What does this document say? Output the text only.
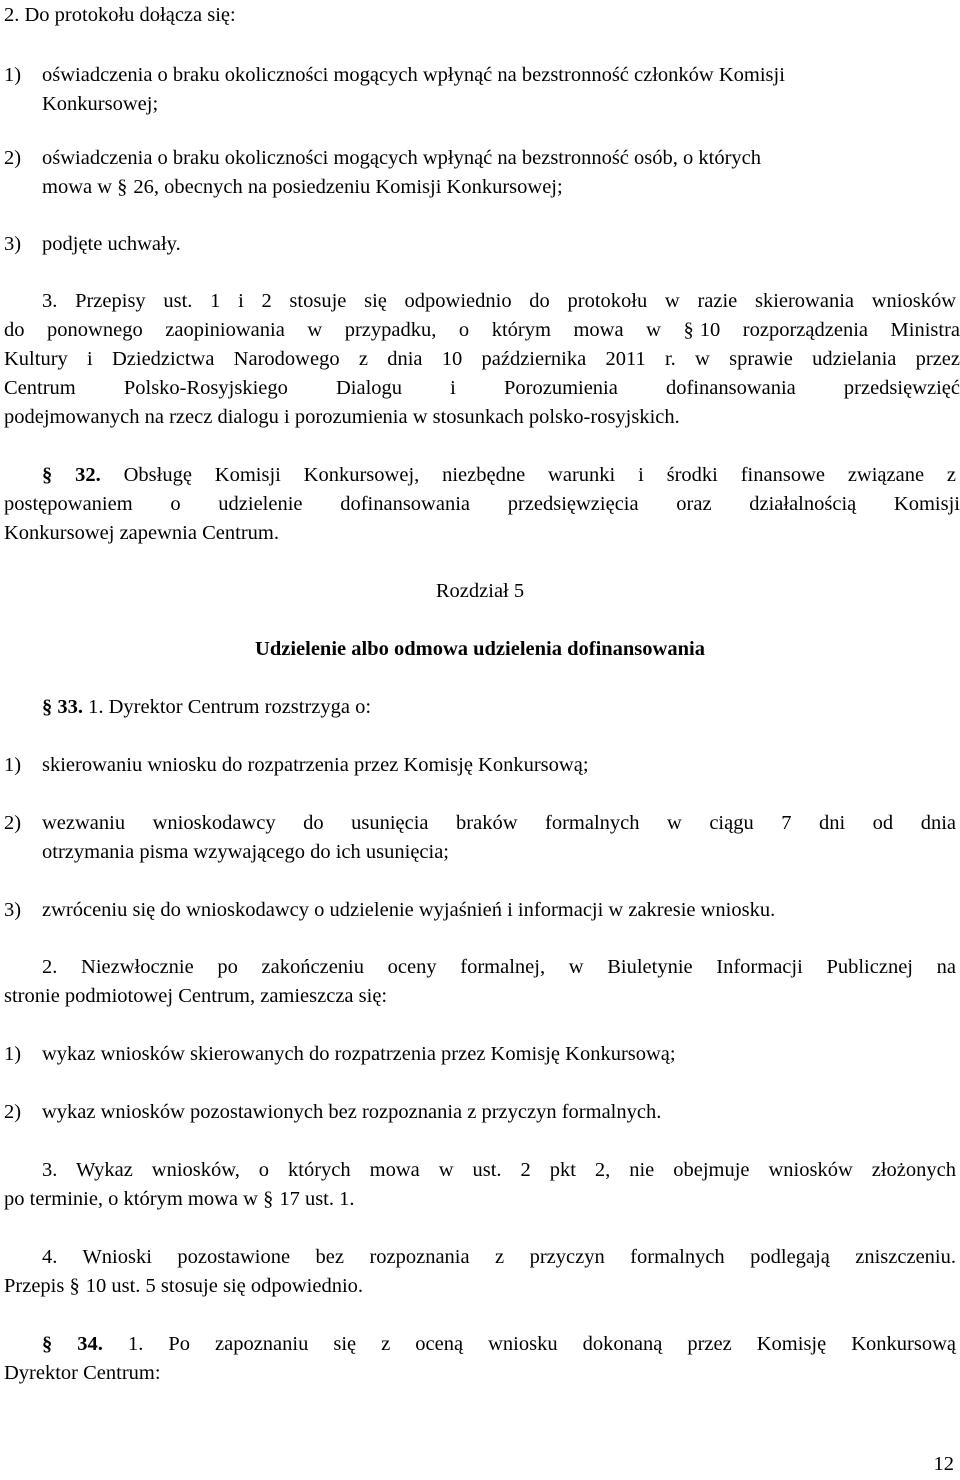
2. Do protokołu dołącza się:
1) oświadczenia o braku okoliczności mogących wpłynąć na bezstronność członków Komisji
Konkursowej;
2) oświadczenia o braku okoliczności mogących wpłynąć na bezstronność osób, o których
mowa w § 26, obecnych na posiedzeniu Komisji Konkursowej;
3) podjęte uchwały.
3. Przepisy ust. 1 i 2 stosuje się odpowiednio do protokołu w razie skierowania wniosków
do ponownego zaopiniowania w przypadku, o którym mowa w § 10 rozporządzenia Ministra
Kultury i Dziedzictwa Narodowego z dnia 10 października 2011 r. w sprawie udzielania przez
Centrum Polsko-Rosyjskiego Dialogu i Porozumienia dofinansowania przedsięwzięć
podejmowanych na rzecz dialogu i porozumienia w stosunkach polsko-rosyjskich.
§ 32. Obsługę Komisji Konkursowej, niezbędne warunki i środki finansowe związane z
postępowaniem o udzielenie dofinansowania przedsięwzięcia oraz działalnością Komisji
Konkursowej zapewnia Centrum.
Rozdział 5
Udzielenie albo odmowa udzielenia dofinansowania
§ 33. 1. Dyrektor Centrum rozstrzyga o:
1) skierowaniu wniosku do rozpatrzenia przez Komisję Konkursową;
2) wezwaniu wnioskodawcy do usunięcia braków formalnych w ciągu 7 dni od dnia
otrzymania pisma wzywającego do ich usunięcia;
3) zwróceniu się do wnioskodawcy o udzielenie wyjaśnień i informacji w zakresie wniosku.
2. Niezwłocznie po zakończeniu oceny formalnej, w Biuletynie Informacji Publicznej na
stronie podmiotowej Centrum, zamieszcza się:
1) wykaz wniosków skierowanych do rozpatrzenia przez Komisję Konkursową;
2) wykaz wniosków pozostawionych bez rozpoznania z przyczyn formalnych.
3. Wykaz wniosków, o których mowa w ust. 2 pkt 2, nie obejmuje wniosków złożonych
po terminie, o którym mowa w § 17 ust. 1.
4. Wnioski pozostawione bez rozpoznania z przyczyn formalnych podlegają zniszczeniu.
Przepis § 10 ust. 5 stosuje się odpowiednio.
§ 34. 1. Po zapoznaniu się z oceną wniosku dokonaną przez Komisję Konkursową
Dyrektor Centrum:
12
